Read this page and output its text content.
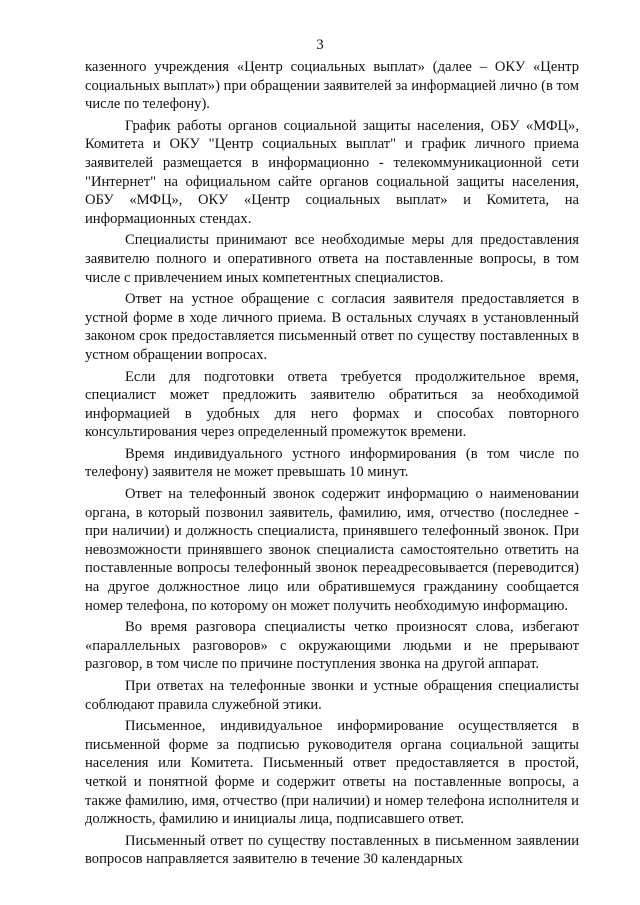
3

казенного учреждения «Центр социальных выплат» (далее – ОКУ «Центр социальных выплат») при обращении заявителей за информацией лично (в том числе по телефону).

График работы органов социальной защиты населения, ОБУ «МФЦ», Комитета и ОКУ "Центр социальных выплат" и график личного приема заявителей размещается в информационно - телекоммуникационной сети "Интернет" на официальном сайте органов социальной защиты населения, ОБУ «МФЦ», ОКУ «Центр социальных выплат» и Комитета, на информационных стендах.

Специалисты принимают все необходимые меры для предоставления заявителю полного и оперативного ответа на поставленные вопросы, в том числе с привлечением иных компетентных специалистов.

Ответ на устное обращение с согласия заявителя предоставляется в устной форме в ходе личного приема. В остальных случаях в установленный законом срок предоставляется письменный ответ по существу поставленных в устном обращении вопросах.

Если для подготовки ответа требуется продолжительное время, специалист может предложить заявителю обратиться за необходимой информацией в удобных для него формах и способах повторного консультирования через определенный промежуток времени.

Время индивидуального устного информирования (в том числе по телефону) заявителя не может превышать 10 минут.

Ответ на телефонный звонок содержит информацию о наименовании органа, в который позвонил заявитель, фамилию, имя, отчество (последнее - при наличии) и должность специалиста, принявшего телефонный звонок. При невозможности принявшего звонок специалиста самостоятельно ответить на поставленные вопросы телефонный звонок переадресовывается (переводится) на другое должностное лицо или обратившемуся гражданину сообщается номер телефона, по которому он может получить необходимую информацию.

Во время разговора специалисты четко произносят слова, избегают «параллельных разговоров» с окружающими людьми и не прерывают разговор, в том числе по причине поступления звонка на другой аппарат.

При ответах на телефонные звонки и устные обращения специалисты соблюдают правила служебной этики.

Письменное, индивидуальное информирование осуществляется в письменной форме за подписью руководителя органа социальной защиты населения или Комитета. Письменный ответ предоставляется в простой, четкой и понятной форме и содержит ответы на поставленные вопросы, а также фамилию, имя, отчество (при наличии) и номер телефона исполнителя и должность, фамилию и инициалы лица, подписавшего ответ.

Письменный ответ по существу поставленных в письменном заявлении вопросов направляется заявителю в течение 30 календарных
